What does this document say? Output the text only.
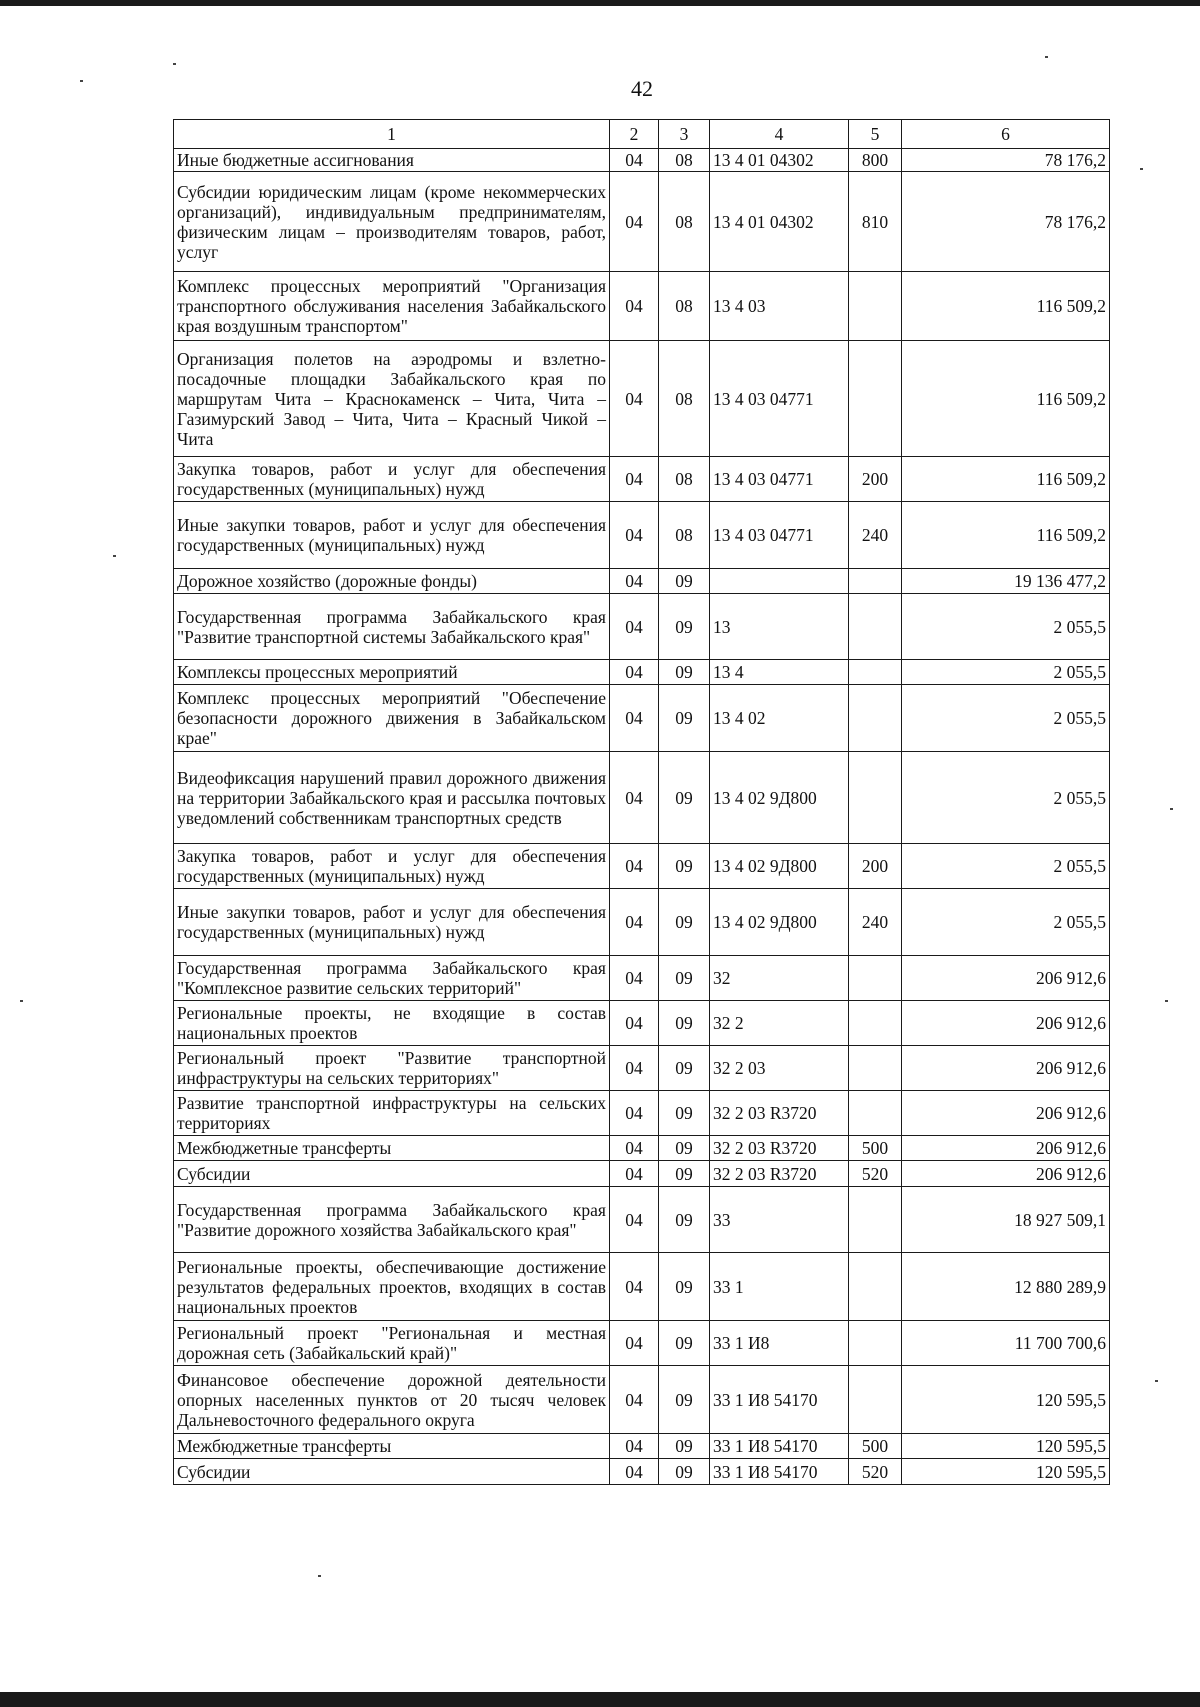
42
1	2	3	4	5	6
Иные бюджетные ассигнования	04	08	13 4 01 04302	800	78 176,2
Субсидии юридическим лицам (кроме некоммерческих организаций), индивидуальным предпринимателям, физическим лицам – производителям товаров, работ, услуг	04	08	13 4 01 04302	810	78 176,2
Комплекс процессных мероприятий "Организация транспортного обслуживания населения Забайкальского края воздушным транспортом"	04	08	13 4 03		116 509,2
Организация полетов на аэродромы и взлетно-посадочные площадки Забайкальского края по маршрутам Чита – Краснокаменск – Чита, Чита – Газимурский Завод – Чита, Чита – Красный Чикой – Чита	04	08	13 4 03 04771		116 509,2
Закупка товаров, работ и услуг для обеспечения государственных (муниципальных) нужд	04	08	13 4 03 04771	200	116 509,2
Иные закупки товаров, работ и услуг для обеспечения государственных (муниципальных) нужд	04	08	13 4 03 04771	240	116 509,2
Дорожное хозяйство (дорожные фонды)	04	09			19 136 477,2
Государственная программа Забайкальского края "Развитие транспортной системы Забайкальского края"	04	09	13		2 055,5
Комплексы процессных мероприятий	04	09	13 4		2 055,5
Комплекс процессных мероприятий "Обеспечение безопасности дорожного движения в Забайкальском крае"	04	09	13 4 02		2 055,5
Видеофиксация нарушений правил дорожного движения на территории Забайкальского края и рассылка почтовых уведомлений собственникам транспортных средств	04	09	13 4 02 9Д800		2 055,5
Закупка товаров, работ и услуг для обеспечения государственных (муниципальных) нужд	04	09	13 4 02 9Д800	200	2 055,5
Иные закупки товаров, работ и услуг для обеспечения государственных (муниципальных) нужд	04	09	13 4 02 9Д800	240	2 055,5
Государственная программа Забайкальского края "Комплексное развитие сельских территорий"	04	09	32		206 912,6
Региональные проекты, не входящие в состав национальных проектов	04	09	32 2		206 912,6
Региональный проект "Развитие транспортной инфраструктуры на сельских территориях"	04	09	32 2 03		206 912,6
Развитие транспортной инфраструктуры на сельских территориях	04	09	32 2 03 R3720		206 912,6
Межбюджетные трансферты	04	09	32 2 03 R3720	500	206 912,6
Субсидии	04	09	32 2 03 R3720	520	206 912,6
Государственная программа Забайкальского края "Развитие дорожного хозяйства Забайкальского края"	04	09	33		18 927 509,1
Региональные проекты, обеспечивающие достижение результатов федеральных проектов, входящих в состав национальных проектов	04	09	33 1		12 880 289,9
Региональный проект "Региональная и местная дорожная сеть (Забайкальский край)"	04	09	33 1 И8		11 700 700,6
Финансовое обеспечение дорожной деятельности опорных населенных пунктов от 20 тысяч человек Дальневосточного федерального округа	04	09	33 1 И8 54170		120 595,5
Межбюджетные трансферты	04	09	33 1 И8 54170	500	120 595,5
Субсидии	04	09	33 1 И8 54170	520	120 595,5
